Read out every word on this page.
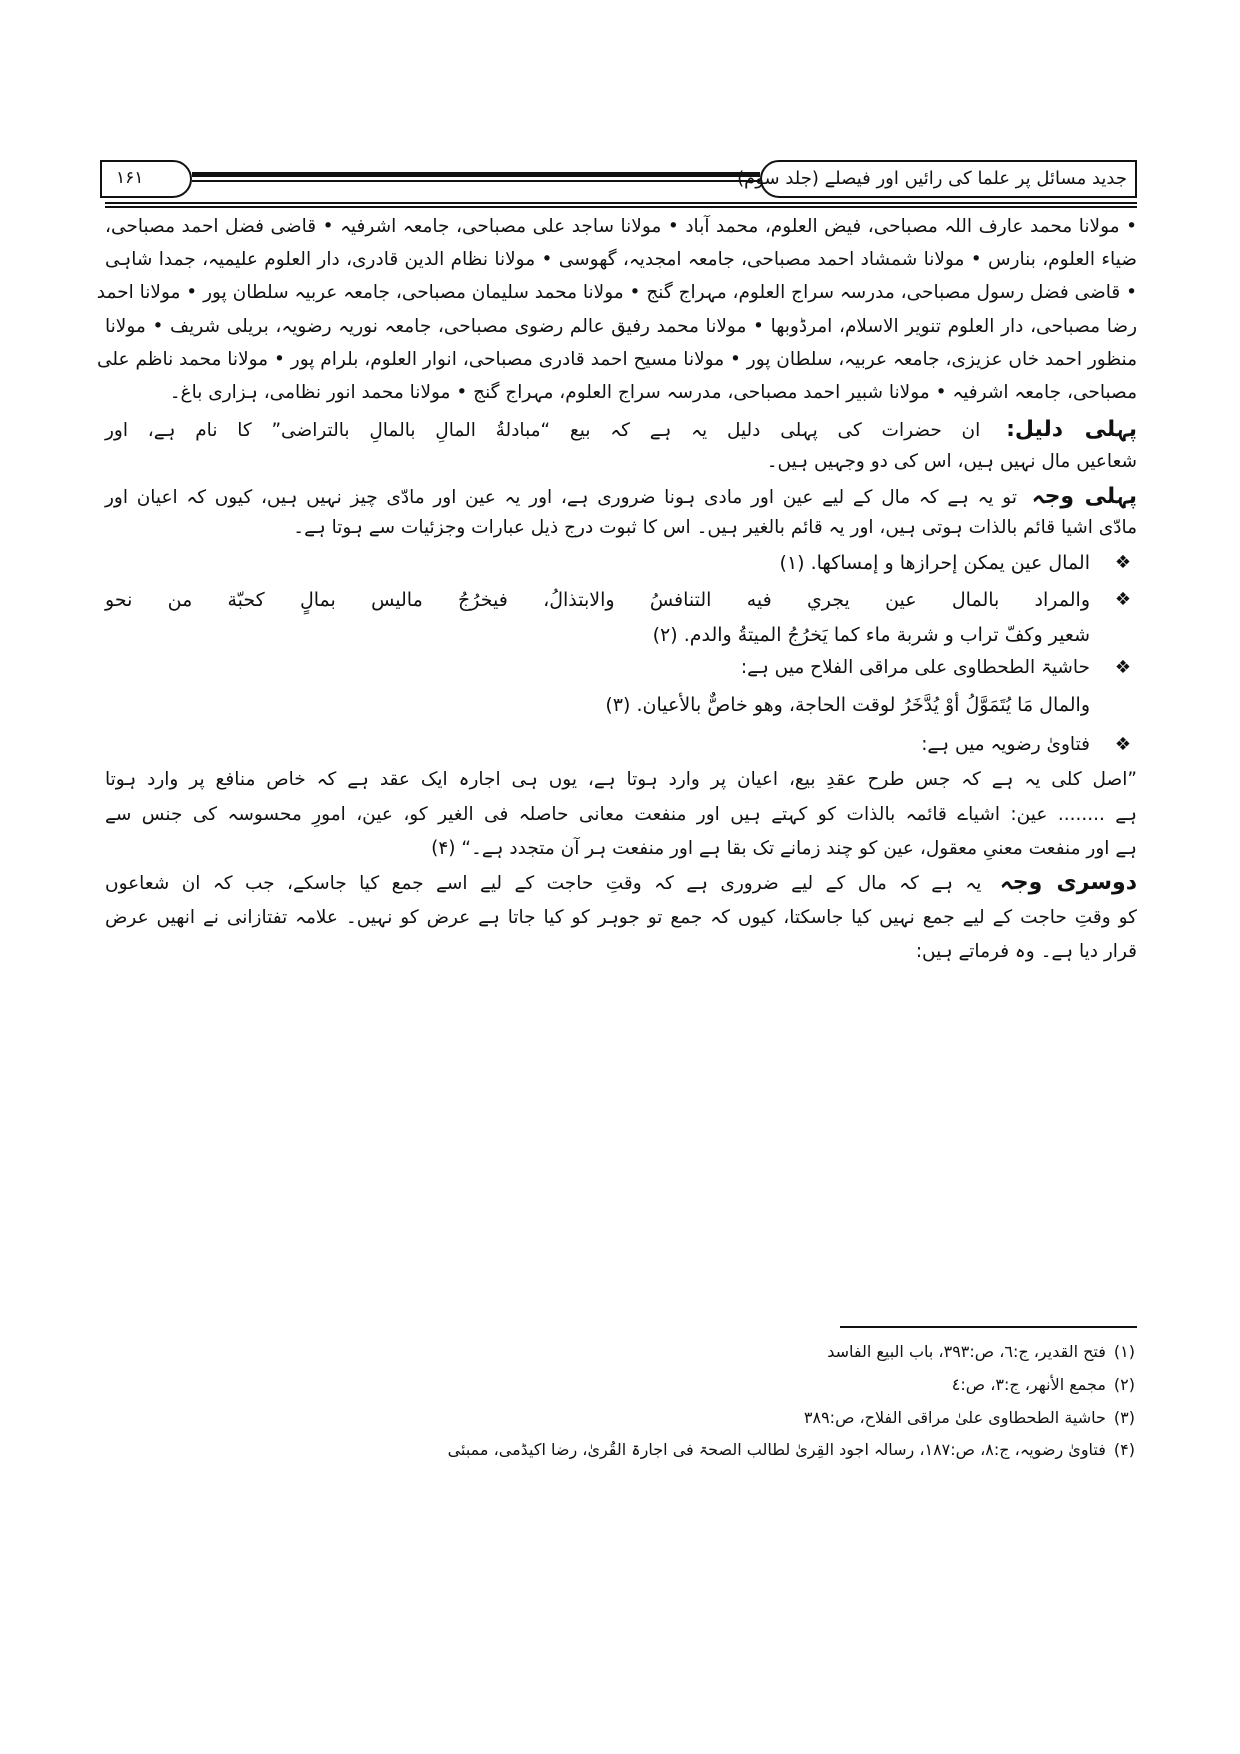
۱۶۱	جدید مسائل پر علما کی رائیں اور فیصلے (جلد سوم)
• مولانا محمد عارف اللہ مصباحی، فیض العلوم، محمد آباد • مولانا ساجد علی مصباحی، جامعہ اشرفیہ • قاضی فضل احمد مصباحی،
ضیاء العلوم، بنارس • مولانا شمشاد احمد مصباحی، جامعہ امجدیہ، گھوسی • مولانا نظام الدین قادری، دار العلوم علیمیہ، جمدا شاہی
• قاضی فضل رسول مصباحی، مدرسہ سراج العلوم، مہراج گنج • مولانا محمد سلیمان مصباحی، جامعہ عربیہ سلطان پور • مولانا احمد
رضا مصباحی، دار العلوم تنویر الاسلام، امرڈوبھا • مولانا محمد رفیق عالم رضوی مصباحی، جامعہ نوریہ رضویہ، بریلی شریف • مولانا
منظور احمد خاں عزیزی، جامعہ عربیہ، سلطان پور • مولانا مسیح احمد قادری مصباحی، انوار العلوم، بلرام پور • مولانا محمد ناظم علی
مصباحی، جامعہ اشرفیہ • مولانا شبیر احمد مصباحی، مدرسہ سراج العلوم، مہراج گنج • مولانا محمد انور نظامی، ہزاری باغ۔
پہلی دلیل: ان حضرات کی پہلی دلیل یہ ہے کہ بیع “مبادلةُ المالِ بالمالِ بالتراضی” کا نام ہے، اور
شعاعیں مال نہیں ہیں، اس کی دو وجہیں ہیں۔
پہلی وجہ تو یہ ہے کہ مال کے لیے عین اور مادی ہونا ضروری ہے، اور یہ عین اور مادّی چیز نہیں ہیں، کیوں کہ اعیان اور
مادّی اشیا قائم بالذات ہوتی ہیں، اور یہ قائم بالغیر ہیں۔ اس کا ثبوت درج ذیل عبارات وجزئیات سے ہوتا ہے۔
❖
المال عين يمكن إحرازها و إمساكها. (۱)
❖
والمراد بالمال عين يجري فيه التنافسُ والابتذالُ، فيخرُجُ ماليس بمالٍ كحبّة من نحو
شعير وكفّ تراب و شربة ماء كما يَخرُجُ الميتةُ والدم. (۲)
❖
حاشیۃ الطحطاوی علی مراقی الفلاح میں ہے:
والمال مَا يُتَمَوَّلُ أوْ يُدَّخَرُ لوقت الحاجة، وهو خاصٌّ بالأعيان. (۳)
❖
فتاویٰ رضویہ میں ہے:
”اصل کلی یہ ہے کہ جس طرح عقدِ بیع، اعیان پر وارد ہوتا ہے، یوں ہی اجارہ ایک عقد ہے کہ خاص منافع پر وارد ہوتا
ہے ........ عین: اشیاے قائمہ بالذات کو کہتے ہیں اور منفعت معانی حاصلہ فی الغیر کو، عین، امورِ محسوسہ کی جنس سے
ہے اور منفعت معنیِ معقول، عین کو چند زمانے تک بقا ہے اور منفعت ہر آن متجدد ہے۔“ (۴)
دوسری وجہ یہ ہے کہ مال کے لیے ضروری ہے کہ وقتِ حاجت کے لیے اسے جمع کیا جاسکے، جب کہ ان شعاعوں
کو وقتِ حاجت کے لیے جمع نہیں کیا جاسکتا، کیوں کہ جمع تو جوہر کو کیا جاتا ہے عرض کو نہیں۔ علامہ تفتازانی نے انھیں عرض
قرار دیا ہے۔ وہ فرماتے ہیں:
(۱)فتح القدير، ج:٦، ص:٣٩٣، باب البيع الفاسد
(۲)مجمع الأنهر، ج:٣، ص:٤
(۳)حاشية الطحطاوی علیٰ مراقی الفلاح، ص:٣٨٩
(۴)فتاویٰ رضویہ، ج:٨، ص:١٨٧، رسالہ اجود القِریٰ لطالب الصحۃ فی اجارۃ القُریٰ، رضا اکیڈمی، ممبئی
